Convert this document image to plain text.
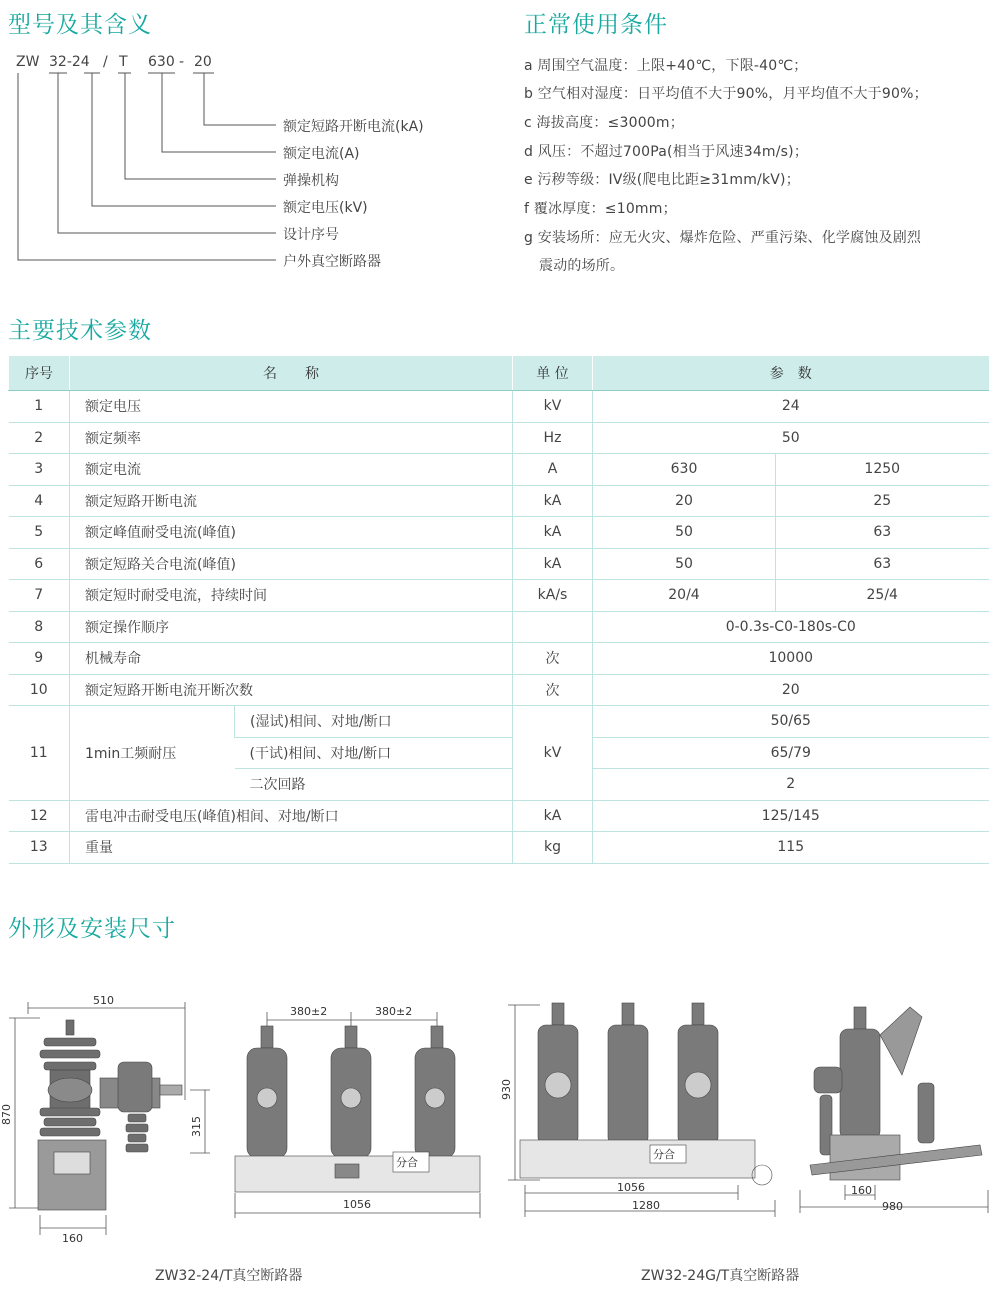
型号及其含义	正常使用条件
主要技术参数
外形及安装尺寸
ZW 32-24 / T 630 - 20
额定短路开断电流(kA)
额定电流(A)
弹操机构
额定电压(kV)
设计序号
户外真空断路器
a 周围空气温度：上限+40℃，下限-40℃；
b 空气相对湿度：日平均值不大于90%，月平均值不大于90%；
c 海拔高度：≤3000m；
d 风压：不超过700Pa(相当于风速34m/s)；
e 污秽等级：IV级(爬电比距≥31mm/kV)；
f 覆冰厚度：≤10mm；
g 安装场所：应无火灾、爆炸危险、严重污染、化学腐蚀及剧烈
震动的场所。
序号	名　　称		单 位	参　数	
1	额定电压		kV	24	
2	额定频率		Hz	50	
3	额定电流		A	630	1250
4	额定短路开断电流		kA	20	25
5	额定峰值耐受电流(峰值)		kA	50	63
6	额定短路关合电流(峰值)		kA	50	63
7	额定短时耐受电流，持续时间		kA/s	20/4	25/4
8	额定操作顺序			0-0.3s-C0-180s-C0	
9	机械寿命		次	10000	
10	额定短路开断电流开断次数		次	20	
11	1min工频耐压	(湿试)相间、对地/断口	kV	50/65	
		(干试)相间、对地/断口		65/79	
		二次回路		2	
12	雷电冲击耐受电压(峰值)相间、对地/断口		kA	125/145	
13	重量		kg	115	
510
870
315
160
380±2	380±2
分合
1056
930
分合
1056
1280
160
980
ZW32-24/T真空断路器	ZW32-24G/T真空断路器
